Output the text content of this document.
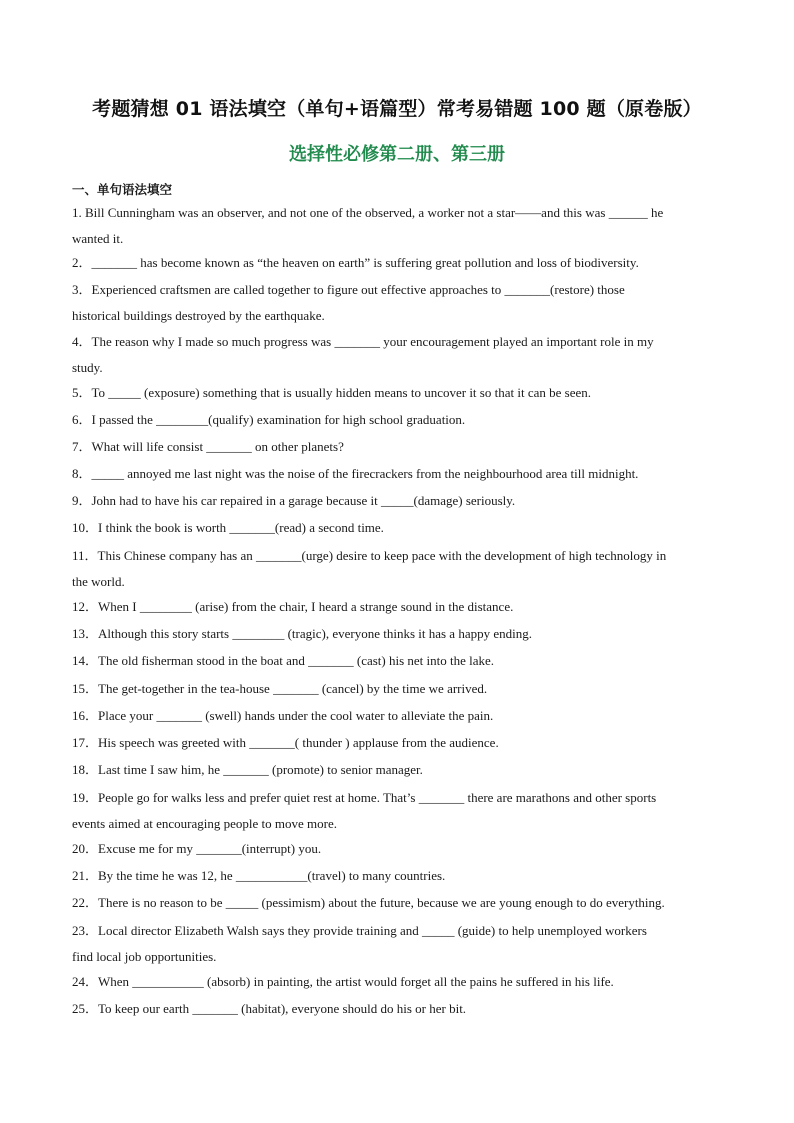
考题猜想 01 语法填空（单句+语篇型）常考易错题 100 题（原卷版）
选择性必修第二册、第三册
一、单句语法填空
1. Bill Cunningham was an observer, and not one of the observed, a worker not a star——and this was ______ he
wanted it.
2．_______ has become known as “the heaven on earth” is suffering great pollution and loss of biodiversity.
3．Experienced craftsmen are called together to figure out effective approaches to _______(restore) those
historical buildings destroyed by the earthquake.
4．The reason why I made so much progress was _______ your encouragement played an important role in my
study.
5．To _____ (exposure) something that is usually hidden means to uncover it so that it can be seen.
6．I passed the ________(qualify) examination for high school graduation.
7．What will life consist _______ on other planets?
8．_____ annoyed me last night was the noise of the firecrackers from the neighbourhood area till midnight.
9．John had to have his car repaired in a garage because it _____(damage) seriously.
10．I think the book is worth _______(read) a second time.
11．This Chinese company has an _______(urge) desire to keep pace with the development of high technology in
the world.
12．When I ________ (arise) from the chair, I heard a strange sound in the distance.
13．Although this story starts ________ (tragic), everyone thinks it has a happy ending.
14．The old fisherman stood in the boat and _______ (cast) his net into the lake.
15．The get-together in the tea-house _______ (cancel) by the time we arrived.
16．Place your _______ (swell) hands under the cool water to alleviate the pain.
17．His speech was greeted with _______( thunder ) applause from the audience.
18．Last time I saw him, he _______ (promote) to senior manager.
19．People go for walks less and prefer quiet rest at home. That’s _______ there are marathons and other sports
events aimed at encouraging people to move more.
20．Excuse me for my _______(interrupt) you.
21．By the time he was 12, he ___________(travel) to many countries.
22．There is no reason to be _____ (pessimism) about the future, because we are young enough to do everything.
23．Local director Elizabeth Walsh says they provide training and _____ (guide) to help unemployed workers
find local job opportunities.
24．When ___________ (absorb) in painting, the artist would forget all the pains he suffered in his life.
25．To keep our earth _______ (habitat), everyone should do his or her bit.
